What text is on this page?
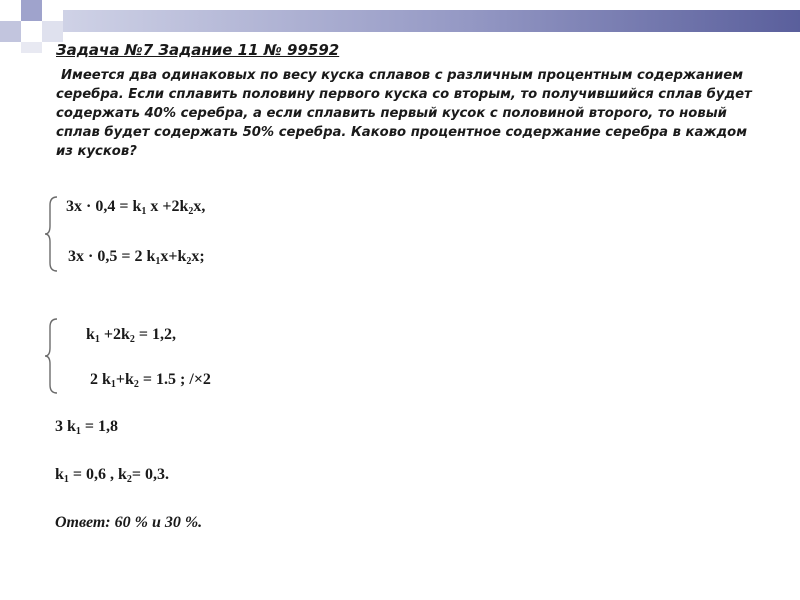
Задача №7 Задание 11 № 99592

Имеется два одинаковых по весу куска сплавов с различным процентным содержанием серебра. Если сплавить половину первого куска со вторым, то получившийся сплав будет содержать 40% серебра, а если сплавить первый кусок с половиной второго, то новый сплав будет содержать 50% серебра. Каково процентное содержание серебра в каждом из кусков?

$3x \cdot 0,4 = k_1$ $x +2k_2x$,

3x · 0,5 = 2 $k_1x+k_2x$;

$k_1 +2k_2 = 1,2$,

2 $k_1+k_2 = 1.5$ ; /×2

3 $k_1 = 1,8$

$k_1 = 0,6$ , $k_2= 0,3$.

Ответ: 60 % и 30 %.
